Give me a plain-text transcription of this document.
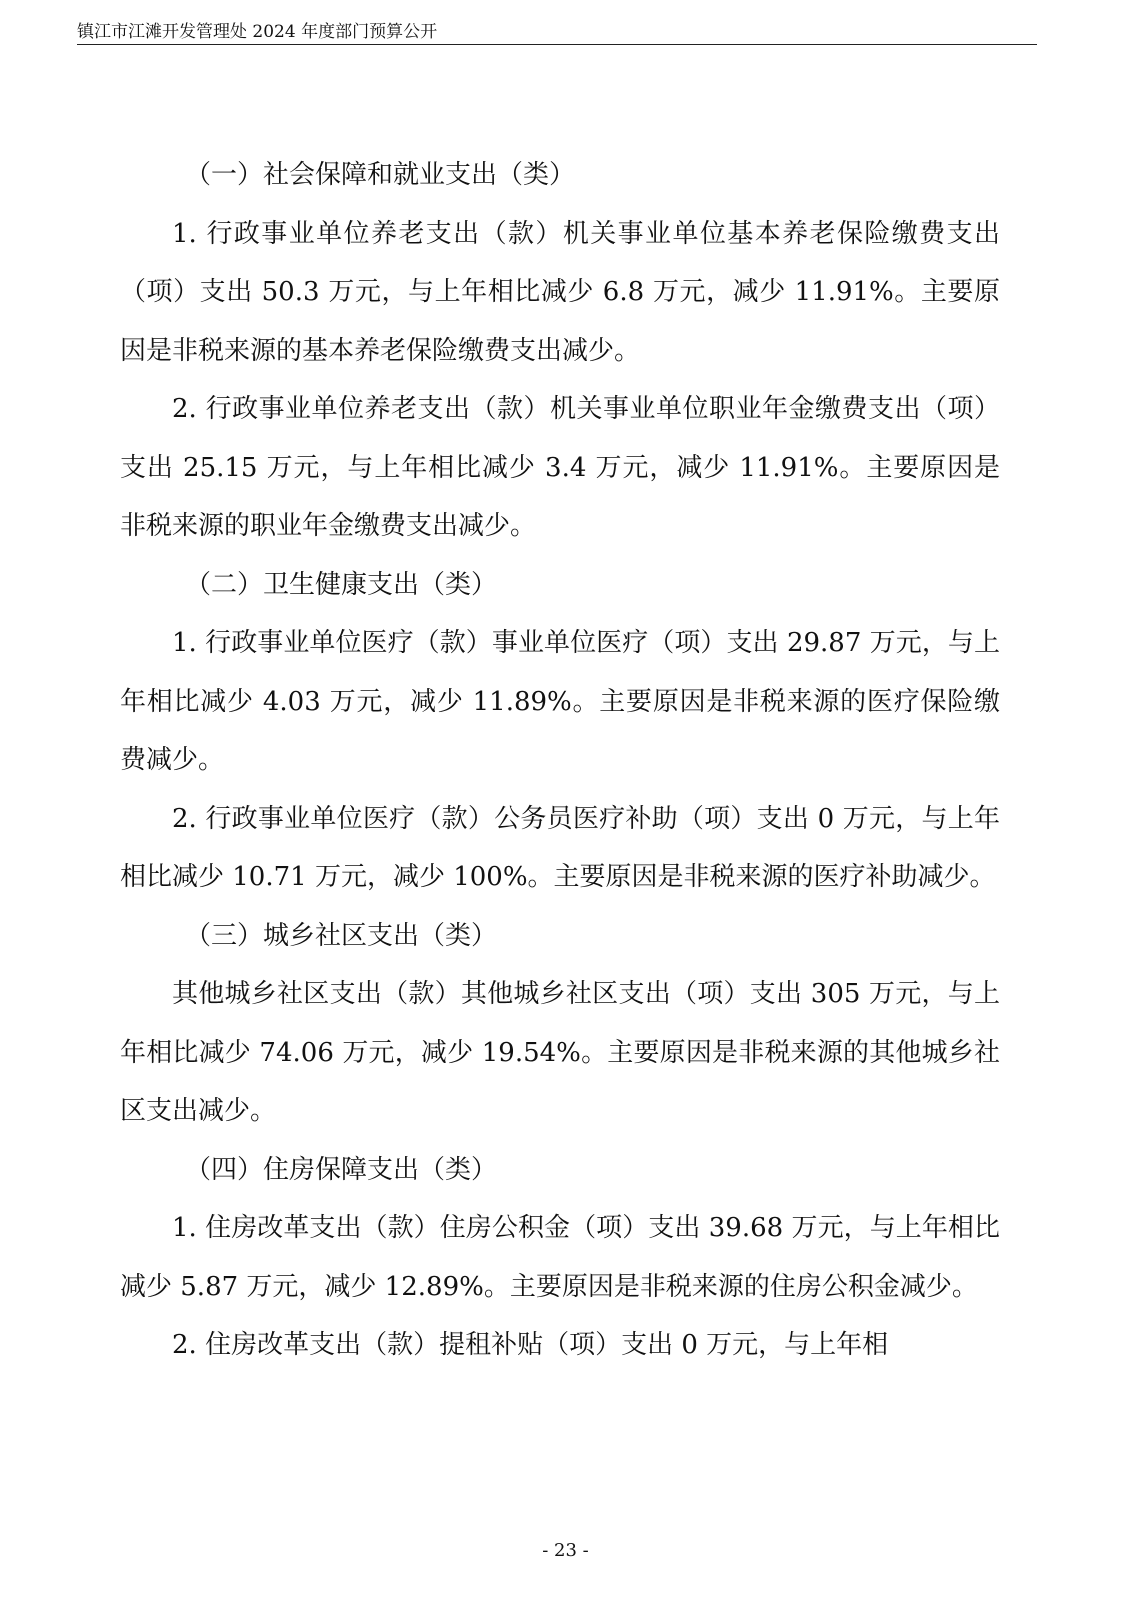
镇江市江滩开发管理处 2024 年度部门预算公开

（一）社会保障和就业支出（类）

1. 行政事业单位养老支出（款）机关事业单位基本养老保险缴费支出（项）支出 50.3 万元，与上年相比减少 6.8 万元，减少 11.91%。主要原因是非税来源的基本养老保险缴费支出减少。

2. 行政事业单位养老支出（款）机关事业单位职业年金缴费支出（项）支出 25.15 万元，与上年相比减少 3.4 万元，减少 11.91%。主要原因是非税来源的职业年金缴费支出减少。

（二）卫生健康支出（类）

1. 行政事业单位医疗（款）事业单位医疗（项）支出 29.87 万元，与上年相比减少 4.03 万元，减少 11.89%。主要原因是非税来源的医疗保险缴费减少。

2. 行政事业单位医疗（款）公务员医疗补助（项）支出 0 万元，与上年相比减少 10.71 万元，减少 100%。主要原因是非税来源的医疗补助减少。

（三）城乡社区支出（类）

其他城乡社区支出（款）其他城乡社区支出（项）支出 305 万元，与上年相比减少 74.06 万元，减少 19.54%。主要原因是非税来源的其他城乡社区支出减少。

（四）住房保障支出（类）

1. 住房改革支出（款）住房公积金（项）支出 39.68 万元，与上年相比减少 5.87 万元，减少 12.89%。主要原因是非税来源的住房公积金减少。

2. 住房改革支出（款）提租补贴（项）支出 0 万元，与上年相

- 23 -
